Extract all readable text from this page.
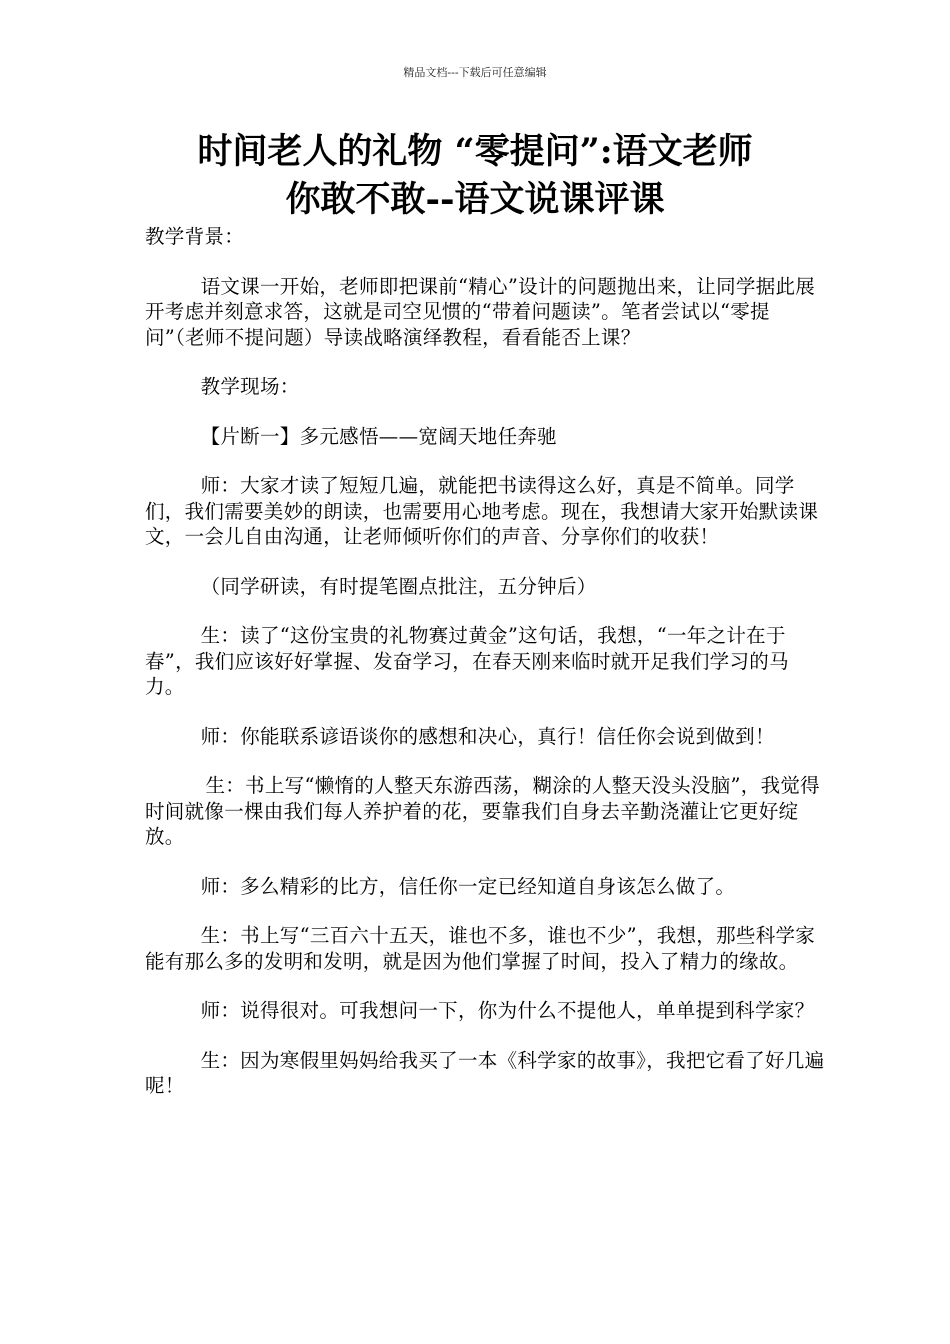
精品文档---下载后可任意编辑
时间老人的礼物 “零提问”:语文老师
你敢不敢--语文说课评课

教学背景：

语文课一开始，老师即把课前“精心”设计的问题抛出来，让同学据此展开考虑并刻意求答，这就是司空见惯的“带着问题读”。笔者尝试以“零提问”（老师不提问题）导读战略演绎教程，看看能否上课？

教学现场：

【片断一】多元感悟——宽阔天地任奔驰

师：大家才读了短短几遍，就能把书读得这么好，真是不简单。同学们，我们需要美妙的朗读，也需要用心地考虑。现在，我想请大家开始默读课文，一会儿自由沟通，让老师倾听你们的声音、分享你们的收获！

（同学研读，有时提笔圈点批注，五分钟后）

生：读了“这份宝贵的礼物赛过黄金”这句话，我想，“一年之计在于春”，我们应该好好掌握、发奋学习，在春天刚来临时就开足我们学习的马力。

师：你能联系谚语谈你的感想和决心，真行！信任你会说到做到！

生：书上写“懒惰的人整天东游西荡，糊涂的人整天没头没脑”，我觉得时间就像一棵由我们每人养护着的花，要靠我们自身去辛勤浇灌让它更好绽放。

师：多么精彩的比方，信任你一定已经知道自身该怎么做了。

生：书上写“三百六十五天，谁也不多，谁也不少”，我想，那些科学家能有那么多的发明和发明，就是因为他们掌握了时间，投入了精力的缘故。

师：说得很对。可我想问一下，你为什么不提他人，单单提到科学家？

生：因为寒假里妈妈给我买了一本《科学家的故事》，我把它看了好几遍呢！
